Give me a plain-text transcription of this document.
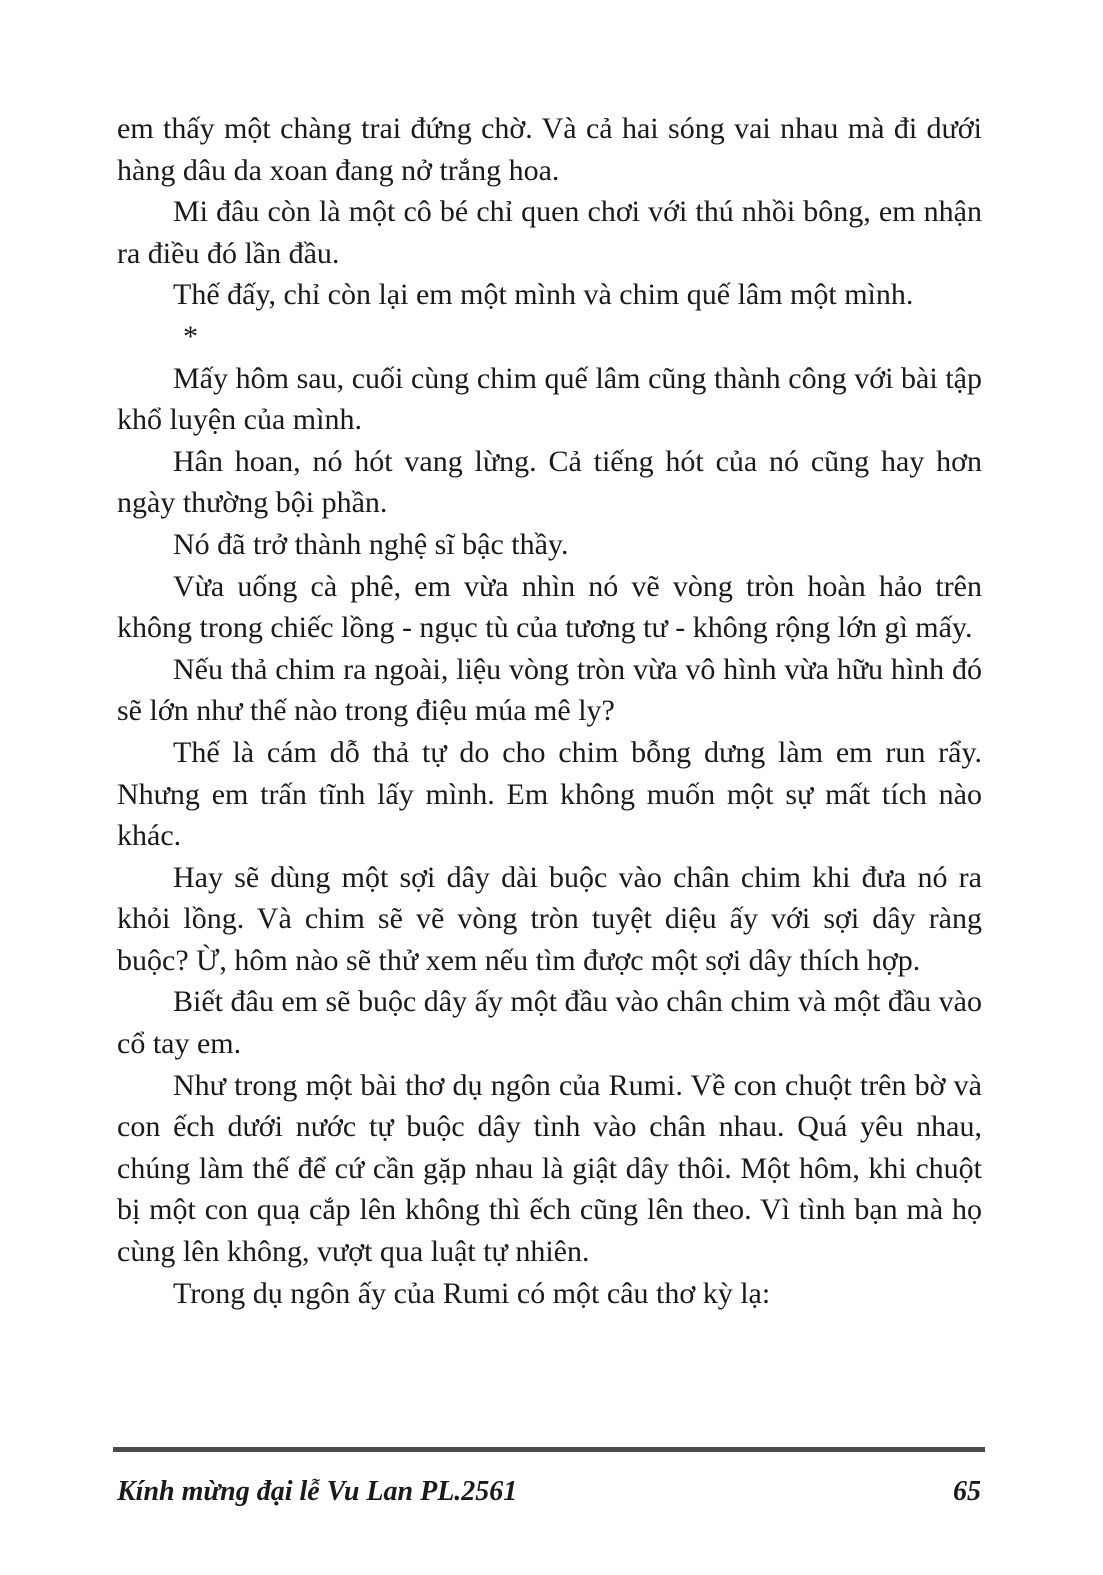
em thấy một chàng trai đứng chờ. Và cả hai sóng vai nhau mà đi dưới hàng dâu da xoan đang nở trắng hoa.

Mi đâu còn là một cô bé chỉ quen chơi với thú nhồi bông, em nhận ra điều đó lần đầu.

Thế đấy, chỉ còn lại em một mình và chim quế lâm một mình.

*

Mấy hôm sau, cuối cùng chim quế lâm cũng thành công với bài tập khổ luyện của mình.

Hân hoan, nó hót vang lừng. Cả tiếng hót của nó cũng hay hơn ngày thường bội phần.

Nó đã trở thành nghệ sĩ bậc thầy.

Vừa uống cà phê, em vừa nhìn nó vẽ vòng tròn hoàn hảo trên không trong chiếc lồng - ngục tù của tương tư - không rộng lớn gì mấy.

Nếu thả chim ra ngoài, liệu vòng tròn vừa vô hình vừa hữu hình đó sẽ lớn như thế nào trong điệu múa mê ly?

Thế là cám dỗ thả tự do cho chim bỗng dưng làm em run rẩy. Nhưng em trấn tĩnh lấy mình. Em không muốn một sự mất tích nào khác.

Hay sẽ dùng một sợi dây dài buộc vào chân chim khi đưa nó ra khỏi lồng. Và chim sẽ vẽ vòng tròn tuyệt diệu ấy với sợi dây ràng buộc? Ừ, hôm nào sẽ thử xem nếu tìm được một sợi dây thích hợp.

Biết đâu em sẽ buộc dây ấy một đầu vào chân chim và một đầu vào cổ tay em.

Như trong một bài thơ dụ ngôn của Rumi. Về con chuột trên bờ và con ếch dưới nước tự buộc dây tình vào chân nhau. Quá yêu nhau, chúng làm thế để cứ cần gặp nhau là giật dây thôi. Một hôm, khi chuột bị một con quạ cắp lên không thì ếch cũng lên theo. Vì tình bạn mà họ cùng lên không, vượt qua luật tự nhiên.

Trong dụ ngôn ấy của Rumi có một câu thơ kỳ lạ:

Kính mừng đại lễ Vu Lan PL.2561	65
